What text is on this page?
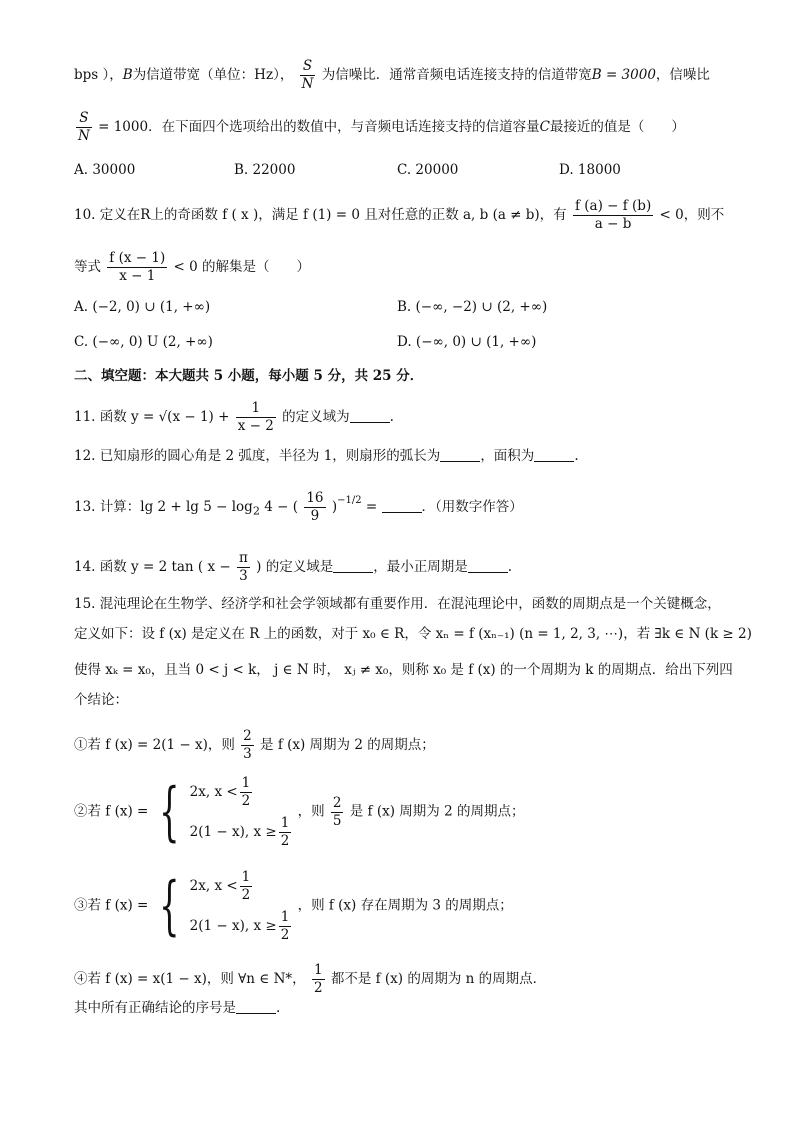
bps ），B为信道带宽（单位：Hz）， $\frac{S}{N}$ 为信噪比．通常音频电话连接支持的信道带宽B = 3000，信噪比
$\frac{S}{N} = 1000$．在下面四个选项给出的数值中，与音频电话连接支持的信道容量C最接近的值是（　　）
A. 30000	B. 22000	C. 20000	D. 18000
10. 定义在R上的奇函数 f ( x )，满足 f (1) = 0 且对任意的正数 a, b (a ≠ b)，有 $\frac{f (a) - f (b)}{a - b} < 0$，则不
等式 $\frac{f (x - 1)}{x - 1} < 0$ 的解集是（　　）
A. (−2, 0) ∪ (1, +∞)	B. (−∞, −2) ∪ (2, +∞)
C. (−∞, 0) U (2, +∞)	D. (−∞, 0) ∪ (1, +∞)
二、填空题：本大题共 5 小题，每小题 5 分，共 25 分．
11. 函数 $y = √(x - 1) + \frac{1}{x - 2}$ 的定义域为	.
12. 已知扇形的圆心角是 2 弧度，半径为 1，则扇形的弧长为	，面积为	.
13. 计算：$\lg 2 + \lg 5 - \log_2 4$ − ( $\frac{16}{9} )^{-1/2}$ =	．（用数字作答）
14. 函数 y = 2 tan ( $x - \frac{\pi}{3}$ ) 的定义域是	，最小正周期是	.
15. 混沌理论在生物学、经济学和社会学领域都有重要作用．在混沌理论中，函数的周期点是一个关键概念，
定义如下：设 f (x) 是定义在 R 上的函数，对于 x₀ ∈ R，令 xₙ = f (xₙ₋₁) (n = 1, 2, 3, ⋯)，若 ∃k ∈ N (k ≥ 2)
使得 xₖ = x₀，且当 0 < j < k， j ∈ N 时， xⱼ ≠ x₀，则称 x₀ 是 f (x) 的一个周期为 k 的周期点．给出下列四
个结论：
①若 f (x) = 2(1 − x)，则 $\frac{2}{3}$ 是 f (x) 周期为 2 的周期点；
②若 f (x) = { 2x, $x < \frac{1}{2}$
2(1 − x), $x \ge \frac{1}{2}$
，则 $\frac{2}{5}$ 是 f (x) 周期为 2 的周期点；
③若 f (x) = { 2x, $x < \frac{1}{2}$
2(1 − x), $x \ge \frac{1}{2}$
，则 f (x) 存在周期为 3 的周期点；
④若 f (x) = x(1 − x)，则 ∀n ∈ N*， $\frac{1}{2}$ 都不是 f (x) 的周期为 n 的周期点．
其中所有正确结论的序号是	.
